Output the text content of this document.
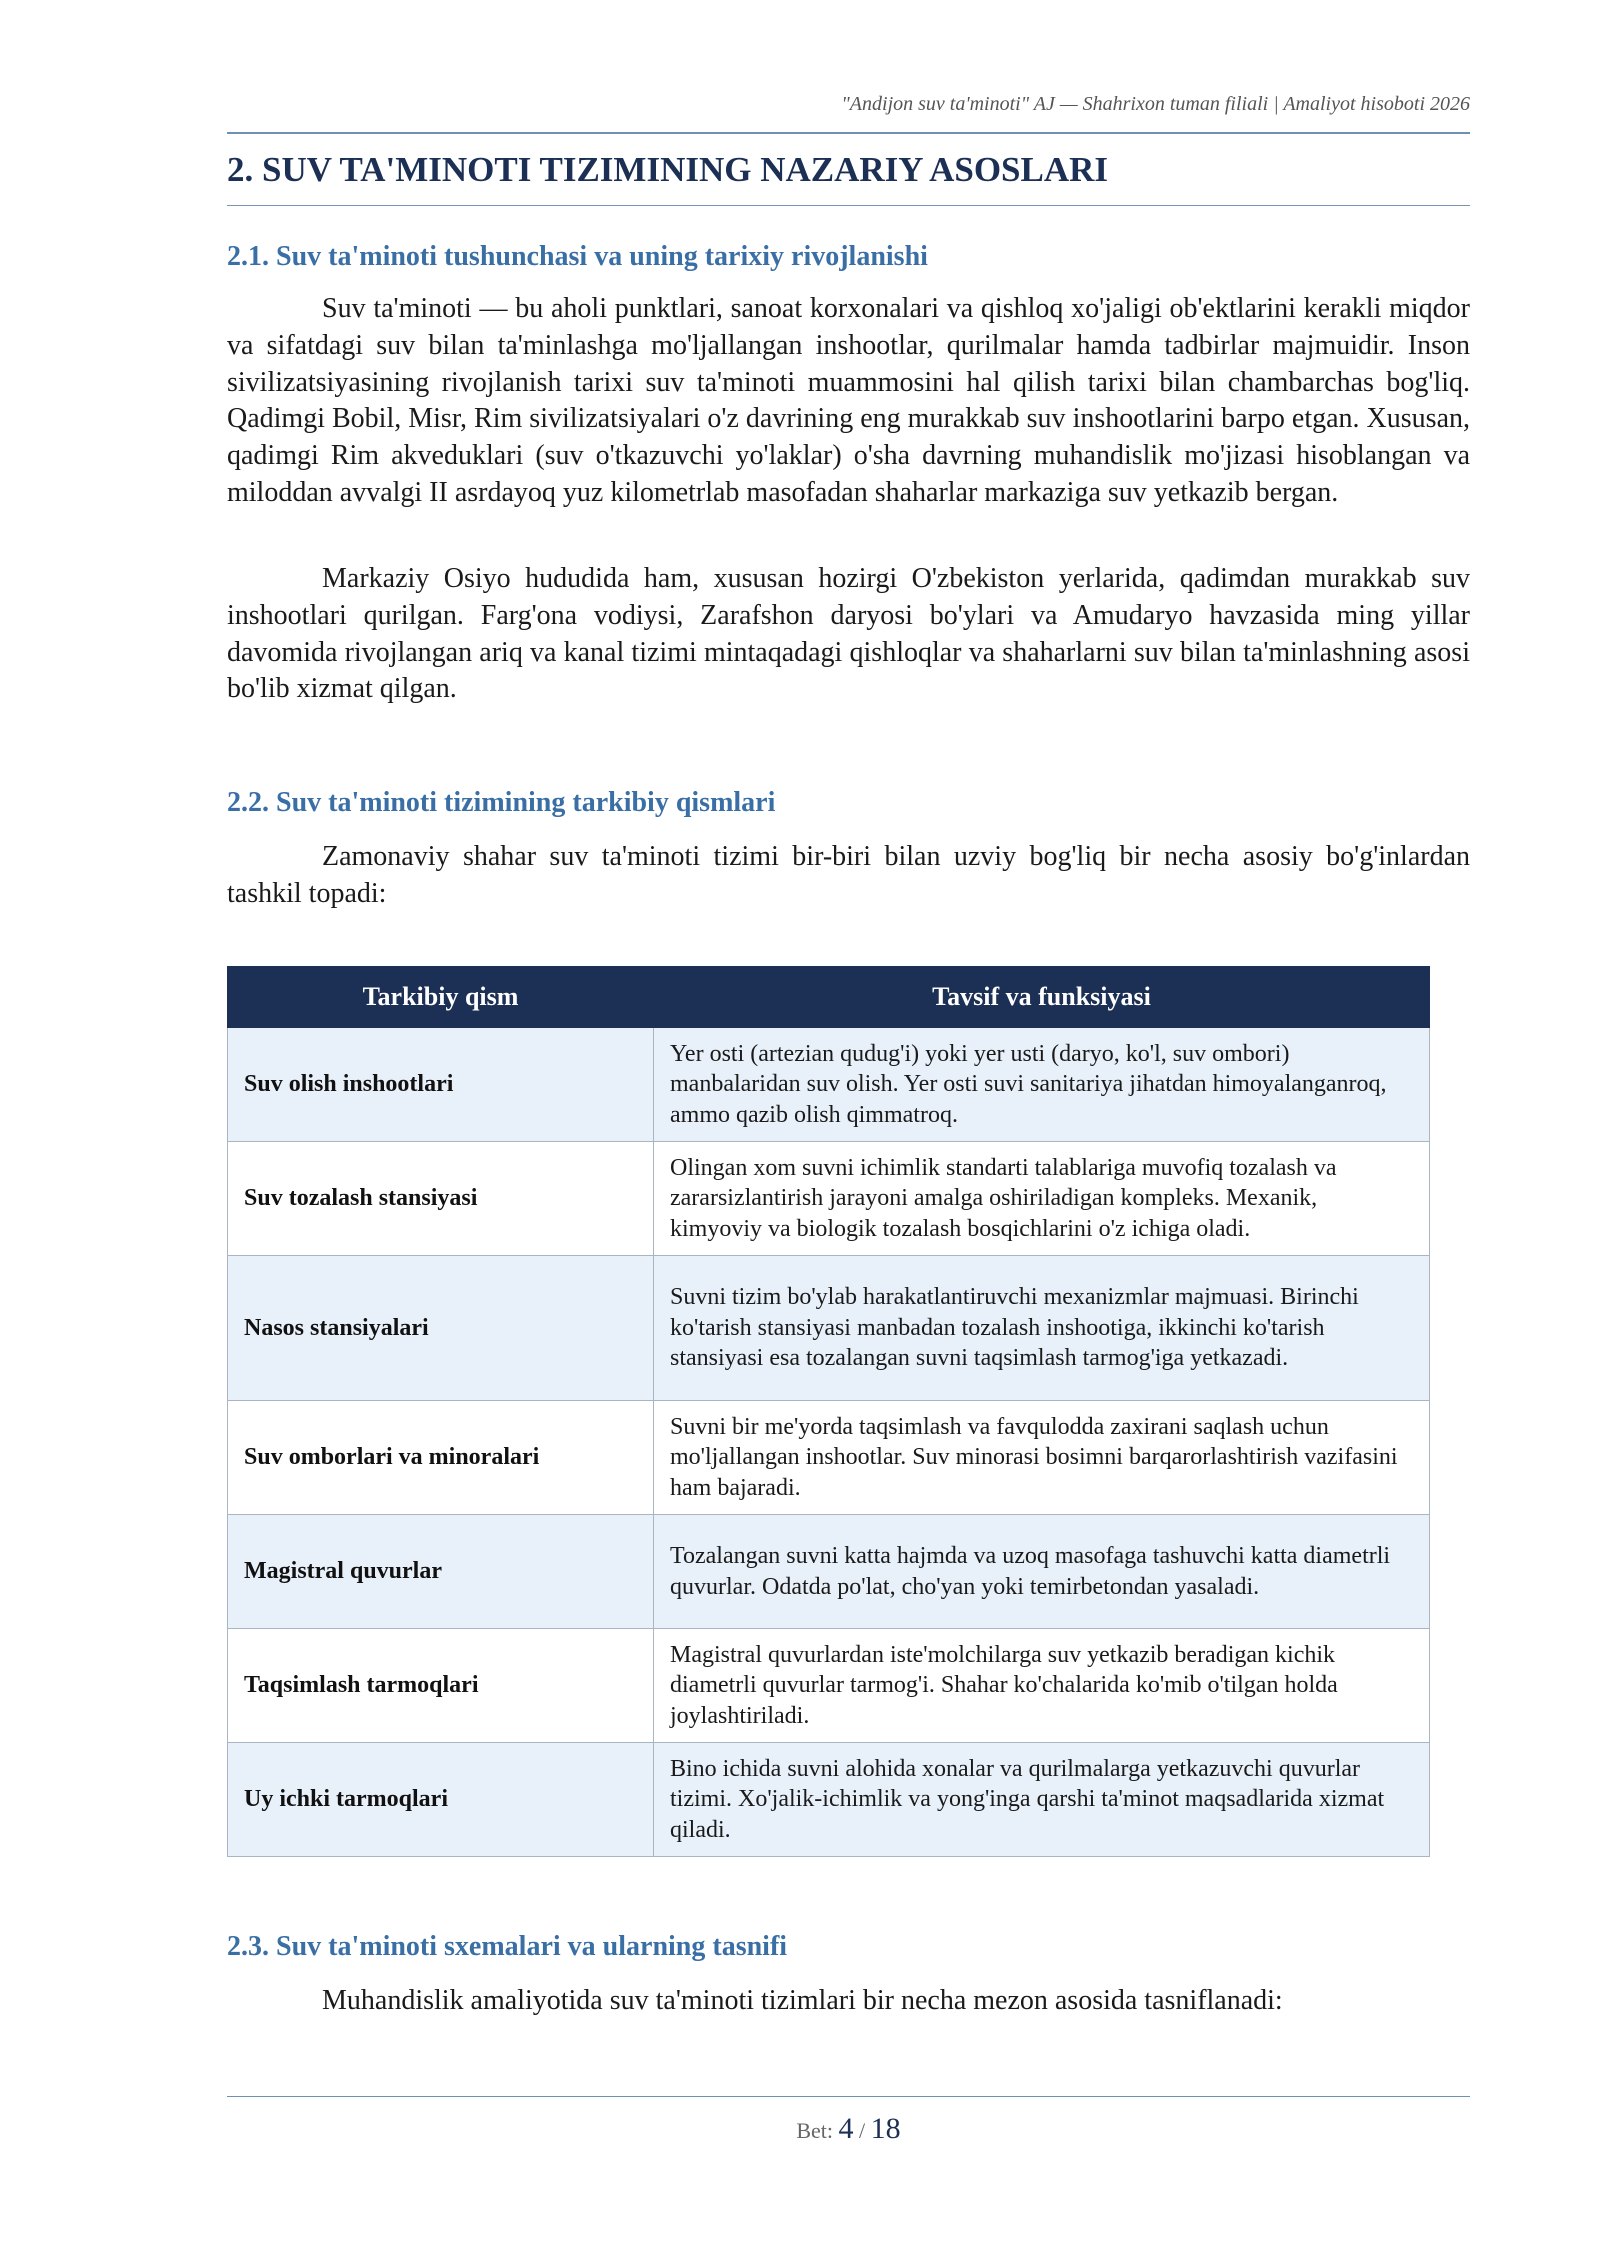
"Andijon suv ta'minoti" AJ — Shahrixon tuman filiali | Amaliyot hisoboti 2026
2. SUV TA'MINOTI TIZIMINING NAZARIY ASOSLARI
2.1. Suv ta'minoti tushunchasi va uning tarixiy rivojlanishi

Suv ta'minoti — bu aholi punktlari, sanoat korxonalari va qishloq xo'jaligi ob'ektlarini kerakli miqdor va sifatdagi suv bilan ta'minlashga mo'ljallangan inshootlar, qurilmalar hamda tadbirlar majmuidir. Inson sivilizatsiyasining rivojlanish tarixi suv ta'minoti muammosini hal qilish tarixi bilan chambarchas bog'liq. Qadimgi Bobil, Misr, Rim sivilizatsiyalari o'z davrining eng murakkab suv inshootlarini barpo etgan. Xususan, qadimgi Rim akveduklari (suv o'tkazuvchi yo'laklar) o'sha davrning muhandislik mo'jizasi hisoblangan va miloddan avvalgi II asrdayoq yuz kilometrlab masofadan shaharlar markaziga suv yetkazib bergan.

Markaziy Osiyo hududida ham, xususan hozirgi O'zbekiston yerlarida, qadimdan murakkab suv inshootlari qurilgan. Farg'ona vodiysi, Zarafshon daryosi bo'ylari va Amudaryo havzasida ming yillar davomida rivojlangan ariq va kanal tizimi mintaqadagi qishloqlar va shaharlarni suv bilan ta'minlashning asosi bo'lib xizmat qilgan.

2.2. Suv ta'minoti tizimining tarkibiy qismlari

Zamonaviy shahar suv ta'minoti tizimi bir-biri bilan uzviy bog'liq bir necha asosiy bo'g'inlardan tashkil topadi:

Tarkibiy qism	Tavsif va funksiyasi
Suv olish inshootlari	Yer osti (artezian qudug'i) yoki yer usti (daryo, ko'l, suv ombori) manbalaridan suv olish. Yer osti suvi sanitariya jihatdan himoyalanganroq, ammo qazib olish qimmatroq.
Suv tozalash stansiyasi	Olingan xom suvni ichimlik standarti talablariga muvofiq tozalash va zararsizlantirish jarayoni amalga oshiriladigan kompleks. Mexanik, kimyoviy va biologik tozalash bosqichlarini o'z ichiga oladi.
Nasos stansiyalari	Suvni tizim bo'ylab harakatlantiruvchi mexanizmlar majmuasi. Birinchi ko'tarish stansiyasi manbadan tozalash inshootiga, ikkinchi ko'tarish stansiyasi esa tozalangan suvni taqsimlash tarmog'iga yetkazadi.
Suv omborlari va minoralari	Suvni bir me'yorda taqsimlash va favqulodda zaxirani saqlash uchun mo'ljallangan inshootlar. Suv minorasi bosimni barqarorlashtirish vazifasini ham bajaradi.
Magistral quvurlar	Tozalangan suvni katta hajmda va uzoq masofaga tashuvchi katta diametrli quvurlar. Odatda po'lat, cho'yan yoki temirbetondan yasaladi.
Taqsimlash tarmoqlari	Magistral quvurlardan iste'molchilarga suv yetkazib beradigan kichik diametrli quvurlar tarmog'i. Shahar ko'chalarida ko'mib o'tilgan holda joylashtiriladi.
Uy ichki tarmoqlari	Bino ichida suvni alohida xonalar va qurilmalarga yetkazuvchi quvurlar tizimi. Xo'jalik-ichimlik va yong'inga qarshi ta'minot maqsadlarida xizmat qiladi.
2.3. Suv ta'minoti sxemalari va ularning tasnifi

Muhandislik amaliyotida suv ta'minoti tizimlari bir necha mezon asosida tasniflanadi:

Bet: 4 / 18
